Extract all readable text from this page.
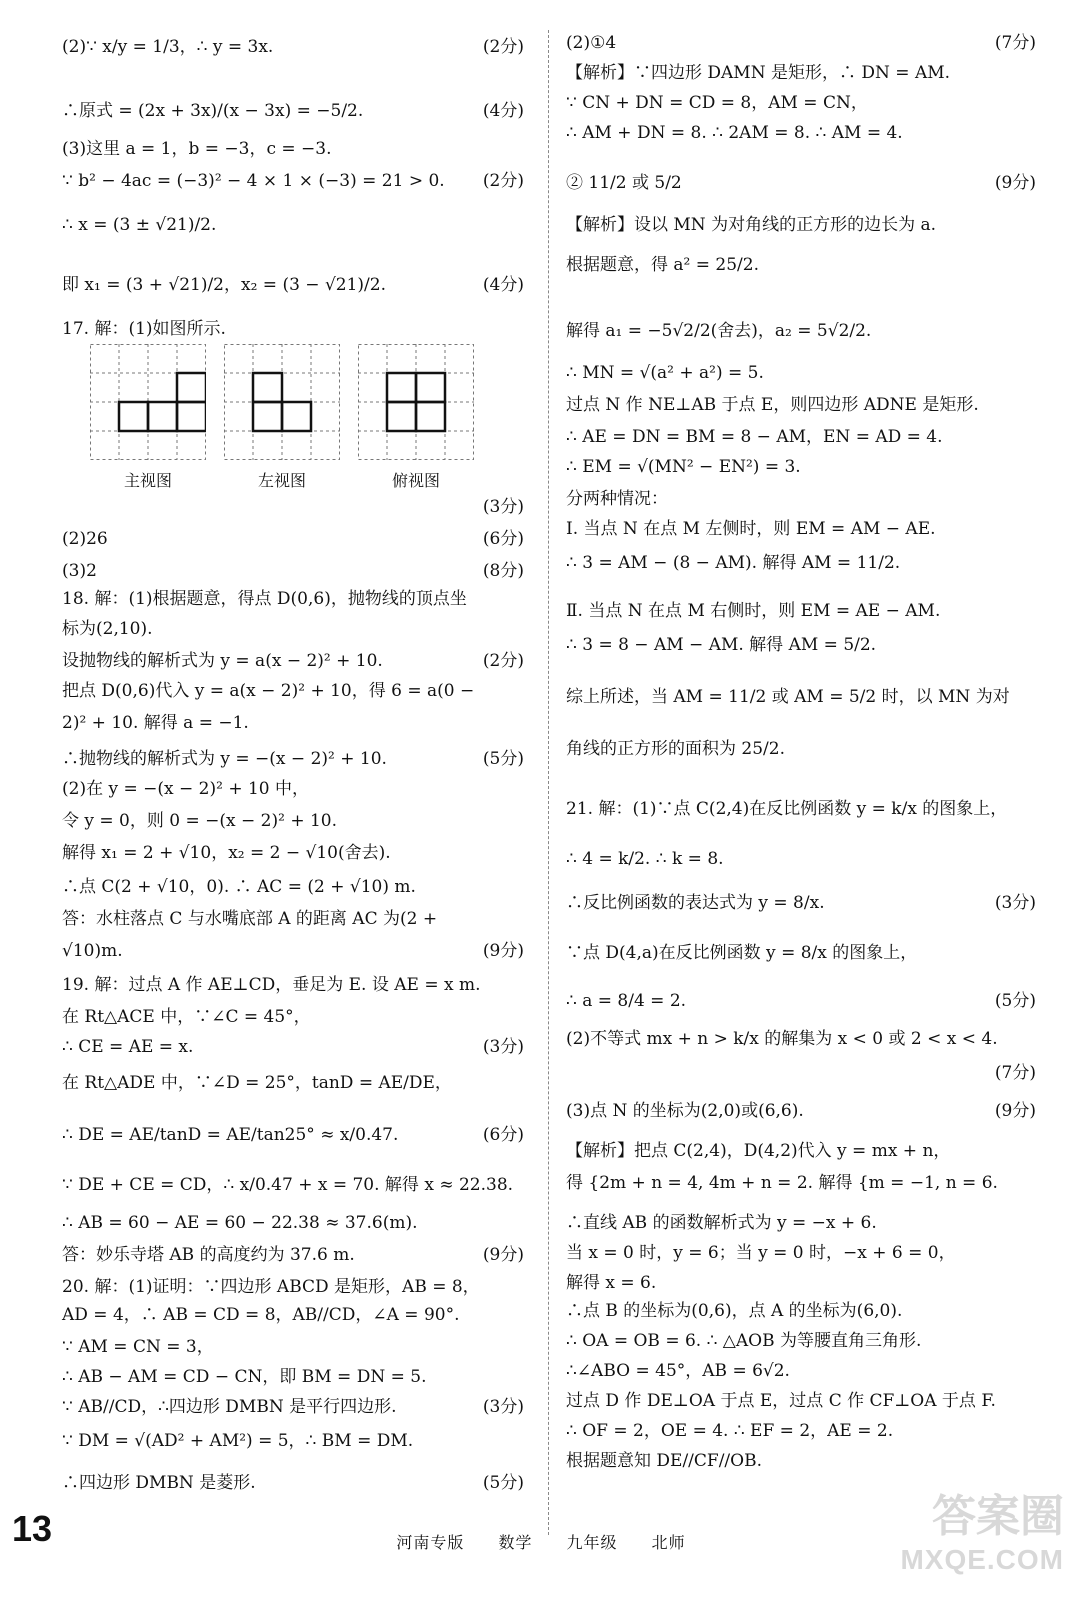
(2)∵ x/y = 1/3，∴ y = 3x.	(2分)
∴原式 = (2x + 3x)/(x − 3x) = −5/2.	(4分)
(3)这里 a = 1，b = −3，c = −3.
∵ b² − 4ac = (−3)² − 4 × 1 × (−3) = 21 > 0. (2分)
∴ x = (3 ± √21)/2.
即 x₁ = (3 + √21)/2，x₂ = (3 − √21)/2.	(4分)
17. 解：(1)如图所示.
(3分)
(2)26	(6分)
(3)2	(8分)
18. 解：(1)根据题意，得点 D(0,6)，抛物线的顶点坐
标为(2,10).
设抛物线的解析式为 y = a(x − 2)² + 10.	(2分)
把点 D(0,6)代入 y = a(x − 2)² + 10，得 6 = a(0 −
2)² + 10. 解得 a = −1.
∴抛物线的解析式为 y = −(x − 2)² + 10.	(5分)
(2)在 y = −(x − 2)² + 10 中，
令 y = 0，则 0 = −(x − 2)² + 10.
解得 x₁ = 2 + √10，x₂ = 2 − √10(舍去).
∴点 C(2 + √10，0). ∴ AC = (2 + √10) m.
答：水柱落点 C 与水嘴底部 A 的距离 AC 为(2 +
√10)m.	(9分)
19. 解：过点 A 作 AE⊥CD，垂足为 E. 设 AE = x m.
在 Rt△ACE 中，∵∠C = 45°，
∴ CE = AE = x.	(3分)
在 Rt△ADE 中，∵∠D = 25°，tanD = AE/DE，
∴ DE = AE/tanD = AE/tan25° ≈ x/0.47.	(6分)
∵ DE + CE = CD，∴ x/0.47 + x = 70. 解得 x ≈ 22.38.
∴ AB = 60 − AE = 60 − 22.38 ≈ 37.6(m).
答：妙乐寺塔 AB 的高度约为 37.6 m.	(9分)
20. 解：(1)证明：∵四边形 ABCD 是矩形，AB = 8，
AD = 4，∴ AB = CD = 8，AB//CD，∠A = 90°.
∵ AM = CN = 3，
∴ AB − AM = CD − CN，即 BM = DN = 5.
∵ AB//CD，∴四边形 DMBN 是平行四边形.	(3分)
∵ DM = √(AD² + AM²) = 5，∴ BM = DM.
∴四边形 DMBN 是菱形.	(5分)
(2)①4	(7分)
【解析】∵四边形 DAMN 是矩形，∴ DN = AM.
∵ CN + DN = CD = 8，AM = CN，
∴ AM + DN = 8. ∴ 2AM = 8. ∴ AM = 4.
② 11/2 或 5/2	(9分)
【解析】设以 MN 为对角线的正方形的边长为 a.
根据题意，得 a² = 25/2.
解得 a₁ = −5√2/2(舍去)，a₂ = 5√2/2.
∴ MN = √(a² + a²) = 5.
过点 N 作 NE⊥AB 于点 E，则四边形 ADNE 是矩形.
∴ AE = DN = BM = 8 − AM，EN = AD = 4.
∴ EM = √(MN² − EN²) = 3.
分两种情况：
Ⅰ. 当点 N 在点 M 左侧时，则 EM = AM − AE.
∴ 3 = AM − (8 − AM). 解得 AM = 11/2.
Ⅱ. 当点 N 在点 M 右侧时，则 EM = AE − AM.
∴ 3 = 8 − AM − AM. 解得 AM = 5/2.
综上所述，当 AM = 11/2 或 AM = 5/2 时，以 MN 为对
角线的正方形的面积为 25/2.
21. 解：(1)∵点 C(2,4)在反比例函数 y = k/x 的图象上，
∴ 4 = k/2. ∴ k = 8.
∴反比例函数的表达式为 y = 8/x.	(3分)
∵点 D(4,a)在反比例函数 y = 8/x 的图象上，
∴ a = 8/4 = 2.	(5分)
(2)不等式 mx + n > k/x 的解集为 x < 0 或 2 < x < 4.
(7分)
(3)点 N 的坐标为(2,0)或(6,6).	(9分)
【解析】把点 C(2,4)，D(4,2)代入 y = mx + n，
得 {2m + n = 4, 4m + n = 2. 解得 {m = −1, n = 6.
∴直线 AB 的函数解析式为 y = −x + 6.
当 x = 0 时，y = 6；当 y = 0 时，−x + 6 = 0，
解得 x = 6.
∴点 B 的坐标为(0,6)，点 A 的坐标为(6,0).
∴ OA = OB = 6. ∴ △AOB 为等腰直角三角形.
∴∠ABO = 45°，AB = 6√2.
过点 D 作 DE⊥OA 于点 E，过点 C 作 CF⊥OA 于点 F.
∴ OF = 2，OE = 4. ∴ EF = 2，AE = 2.
根据题意知 DE//CF//OB.
主视图	左视图	俯视图
13	河南专版 数学 九年级 北师
答案圈
MXQE.COM
